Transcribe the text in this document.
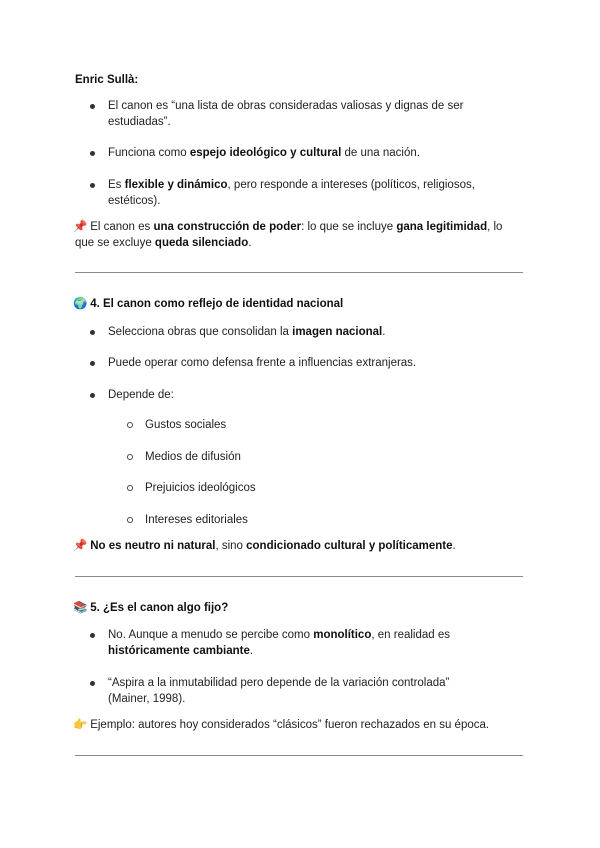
Enric Sullà:
El canon es “una lista de obras consideradas valiosas y dignas de ser
estudiadas”.
Funciona como espejo ideológico y cultural de una nación.
Es flexible y dinámico, pero responde a intereses (políticos, religiosos,
estéticos).
📌 El canon es una construcción de poder: lo que se incluye gana legitimidad, lo
que se excluye queda silenciado.
🌍 4. El canon como reflejo de identidad nacional
Selecciona obras que consolidan la imagen nacional.
Puede operar como defensa frente a influencias extranjeras.
Depende de:
Gustos sociales
Medios de difusión
Prejuicios ideológicos
Intereses editoriales
📌 No es neutro ni natural, sino condicionado cultural y políticamente.
📚 5. ¿Es el canon algo fijo?
No. Aunque a menudo se percibe como monolítico, en realidad es
históricamente cambiante.
“Aspira a la inmutabilidad pero depende de la variación controlada”
(Mainer, 1998).
👉 Ejemplo: autores hoy considerados “clásicos” fueron rechazados en su época.
